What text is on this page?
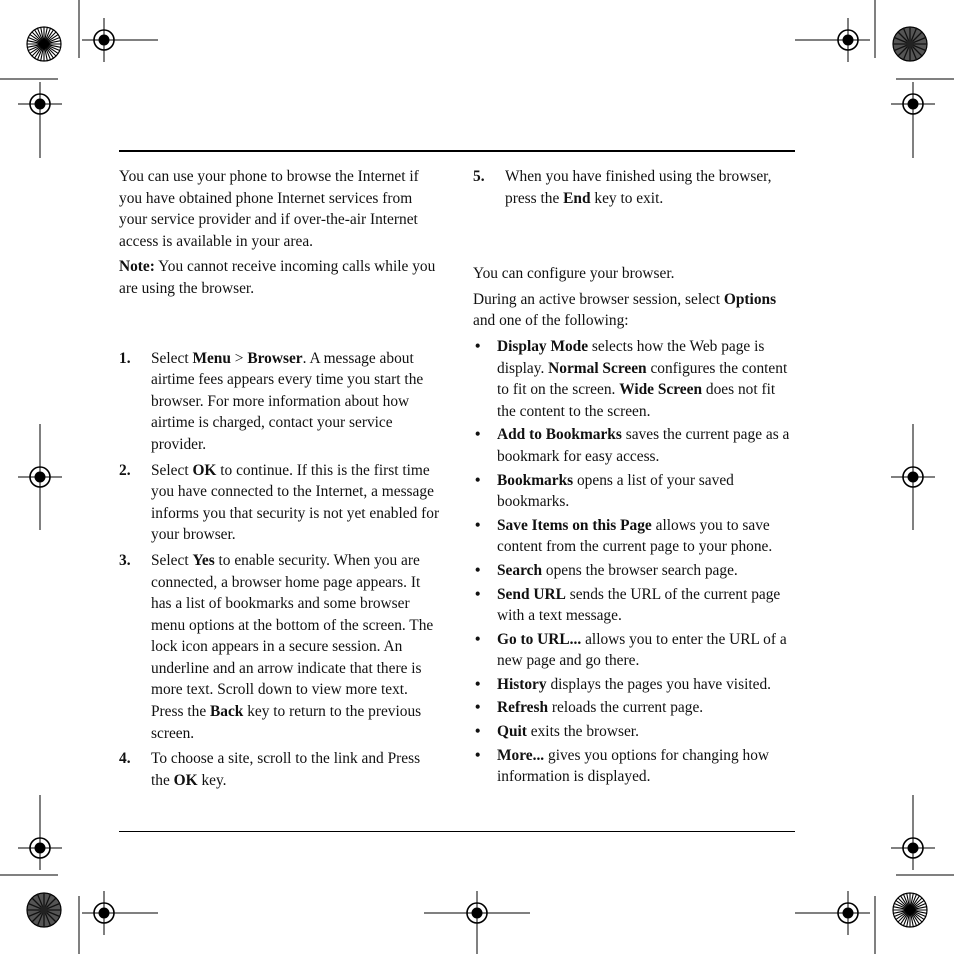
You can use your phone to browse the Internet if you have obtained phone Internet services from your service provider and if over-the-air Internet access is available in your area.

Note: You cannot receive incoming calls while you are using the browser.

1. Select Menu > Browser. A message about airtime fees appears every time you start the browser. For more information about how airtime is charged, contact your service provider.
2. Select OK to continue. If this is the first time you have connected to the Internet, a message informs you that security is not yet enabled for your browser.
3. Select Yes to enable security. When you are connected, a browser home page appears. It has a list of bookmarks and some browser menu options at the bottom of the screen. The lock icon appears in a secure session. An underline and an arrow indicate that there is more text. Scroll down to view more text. Press the Back key to return to the previous screen.
4. To choose a site, scroll to the link and Press the OK key.
5. When you have finished using the browser, press the End key to exit.

You can configure your browser.

During an active browser session, select Options and one of the following:

• Display Mode selects how the Web page is display. Normal Screen configures the content to fit on the screen. Wide Screen does not fit the content to the screen.
• Add to Bookmarks saves the current page as a bookmark for easy access.
• Bookmarks opens a list of your saved bookmarks.
• Save Items on this Page allows you to save content from the current page to your phone.
• Search opens the browser search page.
• Send URL sends the URL of the current page with a text message.
• Go to URL... allows you to enter the URL of a new page and go there.
• History displays the pages you have visited.
• Refresh reloads the current page.
• Quit exits the browser.
• More... gives you options for changing how information is displayed.
